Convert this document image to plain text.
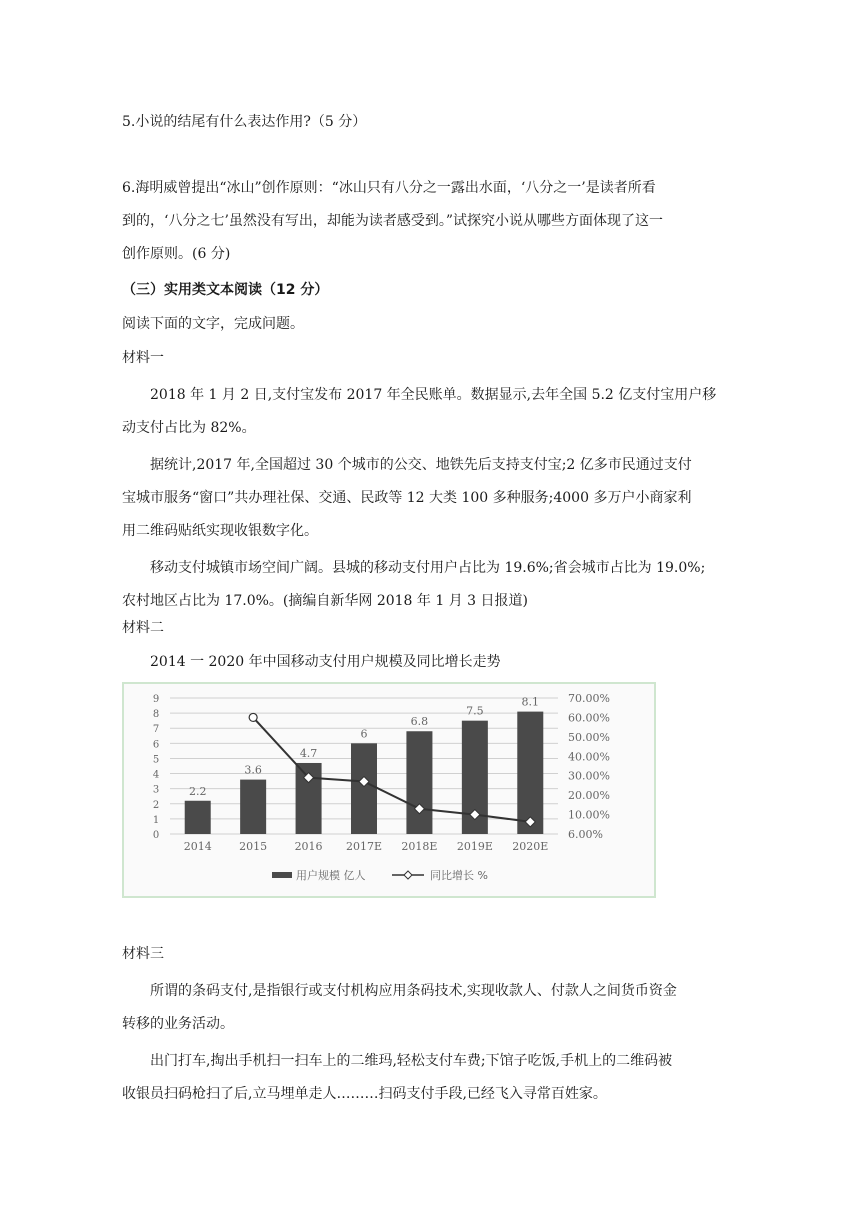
5.小说的结尾有什么表达作用?（5 分）

6.海明威曾提出“冰山”创作原则：“冰山只有八分之一露出水面，‘八分之一’是读者所看
到的，‘八分之七’虽然没有写出，却能为读者感受到。”试探究小说从哪些方面体现了这一
创作原则。(6 分)

（三）实用类文本阅读（12 分）

阅读下面的文字，完成问题。

材料一
2018 年 1 月 2 日,支付宝发布 2017 年全民账单。数据显示,去年全国 5.2 亿支付宝用户移
动支付占比为 82%。
据统计,2017 年,全国超过 30 个城市的公交、地铁先后支持支付宝;2 亿多市民通过支付
宝城市服务“窗口”共办理社保、交通、民政等 12 大类 100 多种服务;4000 多万户小商家利
用二维码贴纸实现收银数字化。
移动支付城镇市场空间广阔。县城的移动支付用户占比为 19.6%;省会城市占比为 19.0%;
农村地区占比为 17.0%。(摘编自新华网 2018 年 1 月 3 日报道)

材料二

2014 一 2020 年中国移动支付用户规模及同比增长走势

0
1
2
3
4
5
6
7
8
9
6.00%
10.00%
20.00%
30.00%
40.00%
50.00%
60.00%
70.00%
2.2
2014
3.6
2015
4.7
2016
6
2017E
6.8
2018E
7.5
2019E
8.1
2020E
用户规模 亿人	同比增长 %
材料三
所谓的条码支付,是指银行或支付机构应用条码技术,实现收款人、付款人之间货币资金
转移的业务活动。
出门打车,掏出手机扫一扫车上的二维玛,轻松支付车费;下馆子吃饭,手机上的二维码被
收银员扫码枪扫了后,立马埋单走人………扫码支付手段,已经飞入寻常百姓家。
